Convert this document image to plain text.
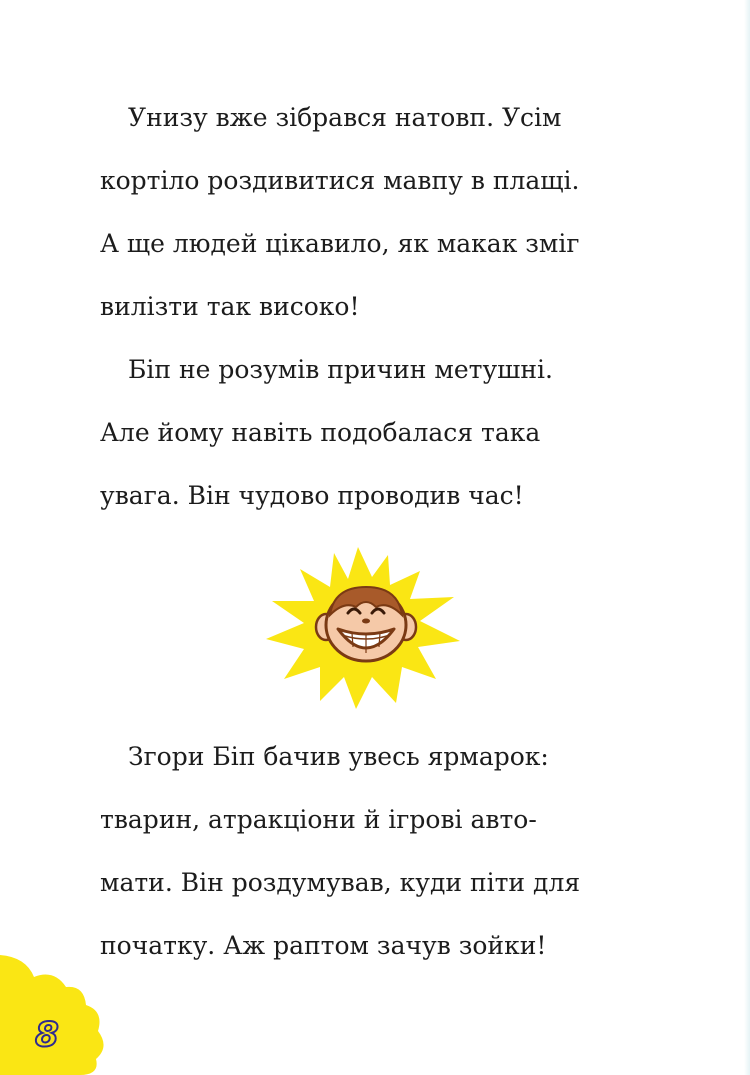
Унизу вже зібрався натовп. Усім

кортіло роздивитися мавпу в плащі.

А ще людей цікавило, як макак зміг

вилізти так високо!

Біп не розумів причин метушні.

Але йому навіть подобалася така

увага. Він чудово проводив час!

Згори Біп бачив увесь ярмарок:

тварин, атракціони й ігрові авто-

мати. Він роздумував, куди піти для

початку. Аж раптом зачув зойки!

8
